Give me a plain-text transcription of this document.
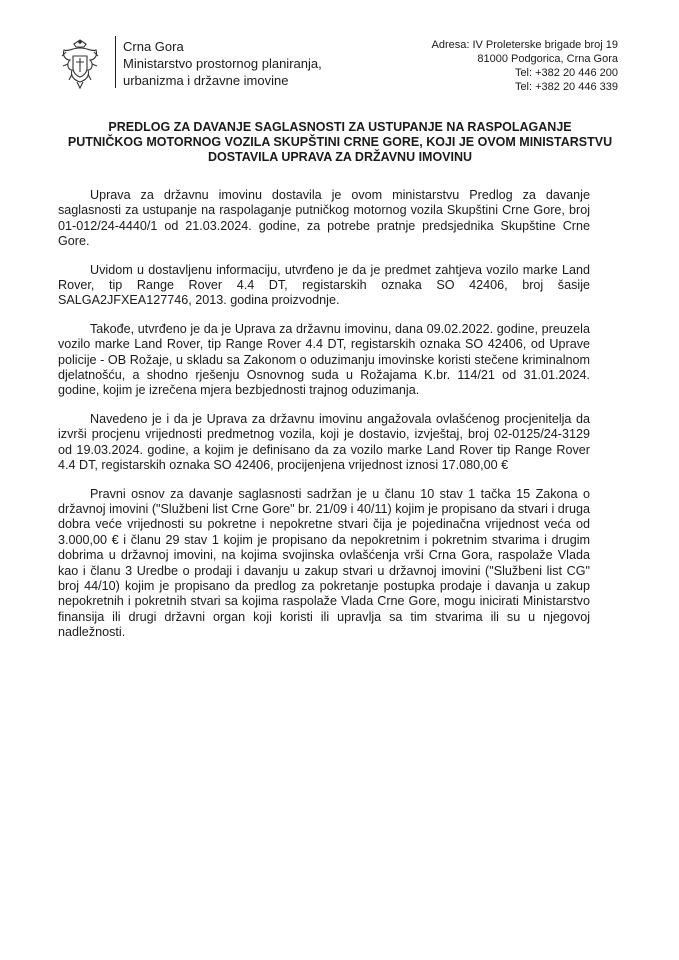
Crna Gora
Ministarstvo prostornog planiranja,
urbanizma i državne imovine
Adresa: IV Proleterske brigade broj 19
81000 Podgorica, Crna Gora
Tel: +382 20 446 200
Tel: +382 20 446 339
PREDLOG ZA DAVANJE SAGLASNOSTI ZA USTUPANJE NA RASPOLAGANJE
PUTNIČKOG MOTORNOG VOZILA SKUPŠTINI CRNE GORE, KOJI JE OVOM MINISTARSTVU
DOSTAVILA UPRAVA ZA DRŽAVNU IMOVINU

Uprava za državnu imovinu dostavila je ovom ministarstvu Predlog za davanje saglasnosti za ustupanje na raspolaganje putničkog motornog vozila Skupštini Crne Gore, broj 01-012/24-4440/1 od 21.03.2024. godine, za potrebe pratnje predsjednika Skupštine Crne Gore.

Uvidom u dostavljenu informaciju, utvrđeno je da je predmet zahtjeva vozilo marke Land Rover, tip Range Rover 4.4 DT, registarskih oznaka SO 42406, broj šasije SALGA2JFXEA127746, 2013. godina proizvodnje.

Takođe, utvrđeno je da je Uprava za državnu imovinu, dana 09.02.2022. godine, preuzela vozilo marke Land Rover, tip Range Rover 4.4 DT, registarskih oznaka SO 42406, od Uprave policije - OB Rožaje, u skladu sa Zakonom o oduzimanju imovinske koristi stečene kriminalnom djelatnošću, a shodno rješenju Osnovnog suda u Rožajama K.br. 114/21 od 31.01.2024. godine, kojim je izrečena mjera bezbjednosti trajnog oduzimanja.

Navedeno je i da je Uprava za državnu imovinu angažovala ovlašćenog procjenitelja da izvrši procjenu vrijednosti predmetnog vozila, koji je dostavio, izvještaj, broj 02-0125/24-3129 od 19.03.2024. godine, a kojim je definisano da za vozilo marke Land Rover tip Range Rover 4.4 DT, registarskih oznaka SO 42406, procijenjena vrijednost iznosi 17.080,00 €

Pravni osnov za davanje saglasnosti sadržan je u članu 10 stav 1 tačka 15 Zakona o državnoj imovini ("Službeni list Crne Gore" br. 21/09 i 40/11) kojim je propisano da stvari i druga dobra veće vrijednosti su pokretne i nepokretne stvari čija je pojedinačna vrijednost veća od 3.000,00 € i članu 29 stav 1 kojim je propisano da nepokretnim i pokretnim stvarima i drugim dobrima u državnoj imovini, na kojima svojinska ovlašćenja vrši Crna Gora, raspolaže Vlada kao i članu 3 Uredbe o prodaji i davanju u zakup stvari u državnoj imovini ("Službeni list CG" broj 44/10) kojim je propisano da predlog za pokretanje postupka prodaje i davanja u zakup nepokretnih i pokretnih stvari sa kojima raspolaže Vlada Crne Gore, mogu inicirati Ministarstvo finansija ili drugi državni organ koji koristi ili upravlja sa tim stvarima ili su u njegovoj nadležnosti.
